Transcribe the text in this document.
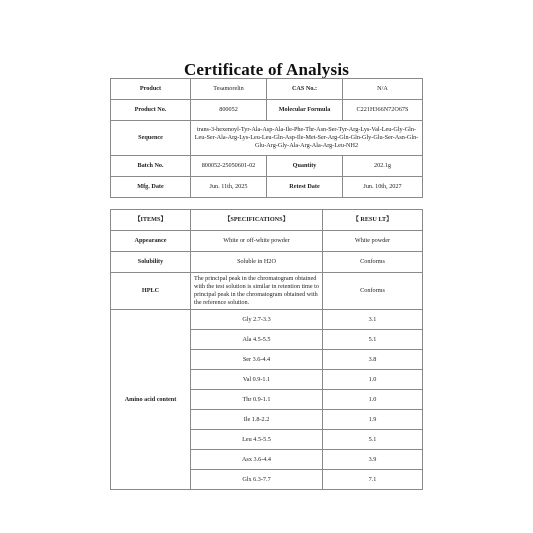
Certificate of Analysis
Product	Tesamorelin	CAS No.:	N/A
Product No.	800052	Molecular Formula	C221H366N72O67S
Sequence	trans-3-hexenoyl-Tyr-Ala-Asp-Ala-Ile-Phe-Thr-Asn-Ser-Tyr-Arg-Lys-Val-Leu-Gly-Gln-Leu-Ser-Ala-Arg-Lys-Leu-Leu-Gln-Asp-Ile-Met-Ser-Arg-Gln-Gln-Gly-Glu-Ser-Asn-Gln-Glu-Arg-Gly-Ala-Arg-Ala-Arg-Leu-NH2		
Batch No.	800052-25050601-02	Quantity	202.1g
Mfg. Date	Jun. 11th, 2025	Retest Date	Jun. 10th, 2027
【ITEMS】	【SPECIFICATIONS】	【 RESU LT】
Appearance	White or off-white powder	White powder
Solubility	Soluble in H2O	Conforms
HPLC	The principal peak in the chromatogram obtained with the test solution is similar in retention time to principal peak in the chromatogram obtained with the reference solution.	Conforms
Amino acid content	Gly 2.7-3.3	3.1
	Ala 4.5-5.5	5.1
	Ser 3.6-4.4	3.8
	Val 0.9-1.1	1.0
	Thr 0.9-1.1	1.0
	Ile 1.8-2.2	1.9
	Leu 4.5-5.5	5.1
	Asx 3.6-4.4	3.9
	Glx 6.3-7.7	7.1
